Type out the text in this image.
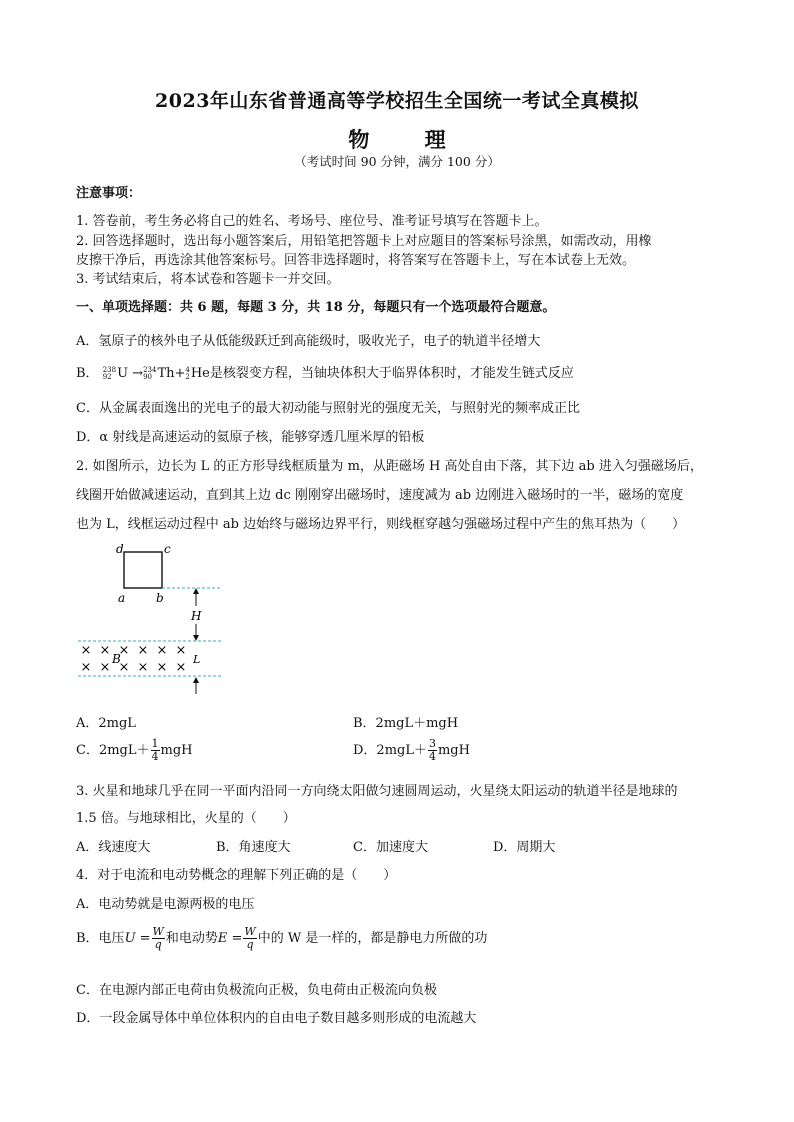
2023年山东省普通高等学校招生全国统一考试全真模拟
物 理
（考试时间 90 分钟，满分 100 分）
注意事项：
1. 答卷前，考生务必将自己的姓名、考场号、座位号、准考证号填写在答题卡上。
2. 回答选择题时，选出每小题答案后，用铅笔把答题卡上对应题目的答案标号涂黑，如需改动，用橡
皮擦干净后，再选涂其他答案标号。回答非选择题时，将答案写在答题卡上，写在本试卷上无效。
3. 考试结束后，将本试卷和答题卡一并交回。
一、单项选择题：共 6 题，每题 3 分，共 18 分，每题只有一个选项最符合题意。
A．氢原子的核外电子从低能级跃迁到高能级时，吸收光子，电子的轨道半径增大
B． 238
92 U → 234
90 Th+ 4
2 He是核裂变方程，当铀块体积大于临界体积时，才能发生链式反应
C．从金属表面逸出的光电子的最大初动能与照射光的强度无关，与照射光的频率成正比
D．α 射线是高速运动的氦原子核，能够穿透几厘米厚的铅板
2. 如图所示，边长为 L 的正方形导线框质量为 m，从距磁场 H 高处自由下落，其下边 ab 进入匀强磁场后，
线圈开始做减速运动，直到其上边 dc 刚刚穿出磁场时，速度减为 ab 边刚进入磁场时的一半，磁场的宽度
也为 L，线框运动过程中 ab 边始终与磁场边界平行，则线框穿越匀强磁场过程中产生的焦耳热为（　　）
d	c
a	b
H
× × × × × ×
× × × × × ×
B	L
A．2mgL	B．2mgL＋mgH
C．$2mgL+ \frac{1}{4}$ mgH	D．$2mgL+ \frac{3}{4}$ mgH
3. 火星和地球几乎在同一平面内沿同一方向绕太阳做匀速圆周运动，火星绕太阳运动的轨道半径是地球的
1.5 倍。与地球相比，火星的（　　）
A．线速度大	B．角速度大	C．加速度大	D．周期大
4．对于电流和电动势概念的理解下列正确的是（　　）
A．电动势就是电源两极的电压
B．电压$U = \frac{W}{q}$ 和电动势$E = \frac{W}{q}$ 中的 W 是一样的，都是静电力所做的功
C．在电源内部正电荷由负极流向正极，负电荷由正极流向负极
D．一段金属导体中单位体积内的自由电子数目越多则形成的电流越大
